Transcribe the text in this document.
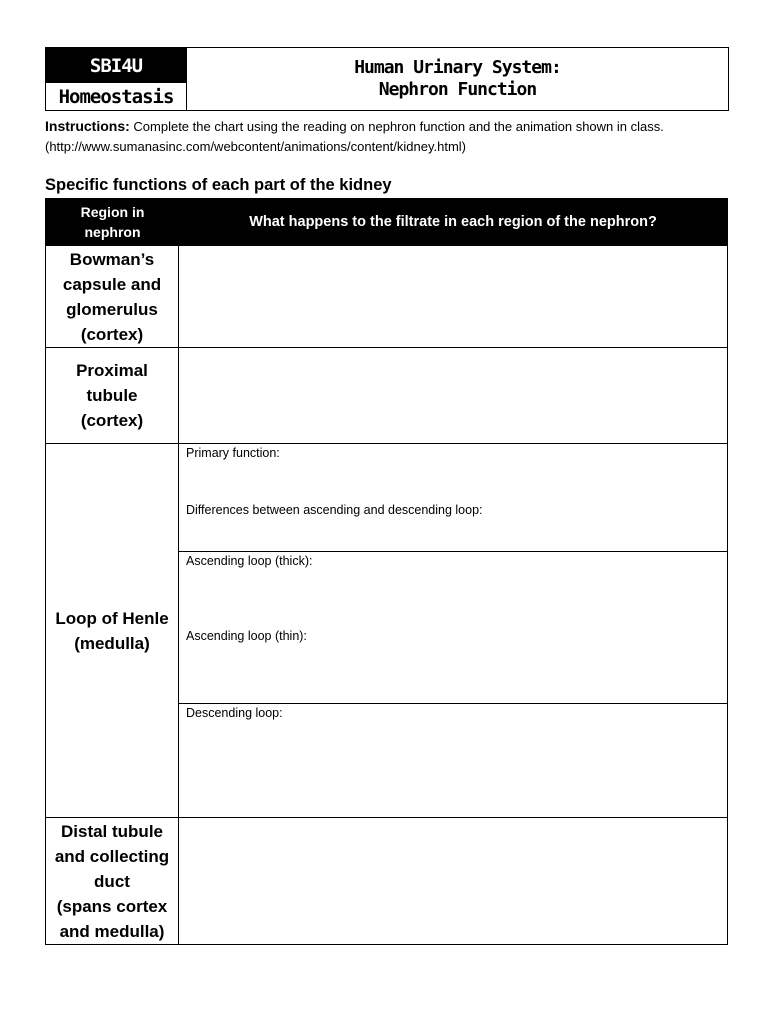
SBI4U
Homeostasis
Human Urinary System:
Nephron Function
Instructions: Complete the chart using the reading on nephron function and the animation shown in class.
(http://www.sumanasinc.com/webcontent/animations/content/kidney.html)
Specific functions of each part of the kidney
Region in
nephron
What happens to the filtrate in each region of the nephron?
Bowman’s
capsule and
glomerulus
(cortex)
Proximal
tubule
(cortex)
Loop of Henle
(medulla)
Primary function:
Differences between ascending and descending loop:
Ascending loop (thick):
Ascending loop (thin):
Descending loop:
Distal tubule
and collecting
duct
(spans cortex
and medulla)
